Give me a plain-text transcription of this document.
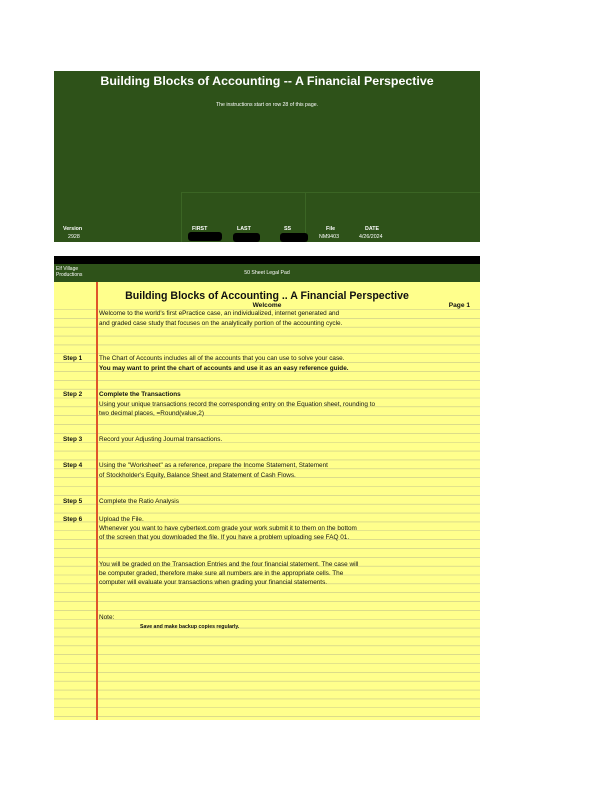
Building Blocks of Accounting -- A Financial Perspective
The instructions start on row 28 of this page.
Version
2928
FIRST	LAST	SS	File	DATE
NM9403	4/26/2024
Elf Village
Productions	50 Sheet Legal Pad
Building Blocks of Accounting .. A Financial Perspective
Welcome	Page 1
Welcome to the world's first ePractice case, an individualized, internet generated and
and graded case study that focuses on the analytically portion of the accounting cycle.
Step 1	The Chart of Accounts includes all of the accounts that you can use to solve your case.
You may want to print the chart of accounts and use it as an easy reference guide.
Step 2	Complete the Transactions
Using your unique transactions record the corresponding entry on the Equation sheet, rounding to
two decimal places, =Round(value,2)
Step 3	Record your Adjusting Journal transactions.
Step 4	Using the "Worksheet" as a reference, prepare the Income Statement, Statement
of Stockholder's Equity, Balance Sheet and Statement of Cash Flows.
Step 5	Complete the Ratio Analysis
Step 6	Upload the File.
Whenever you want to have cybertext.com grade your work submit it to them on the bottom
of the screen that you downloaded the file. If you have a problem uploading see FAQ 01.
You will be graded on the Transaction Entries and the four financial statement. The case will
be computer graded, therefore make sure all numbers are in the appropriate cells. The
computer will evaluate your transactions when grading your financial statements.
Note:
Save and make backup copies regularly.
